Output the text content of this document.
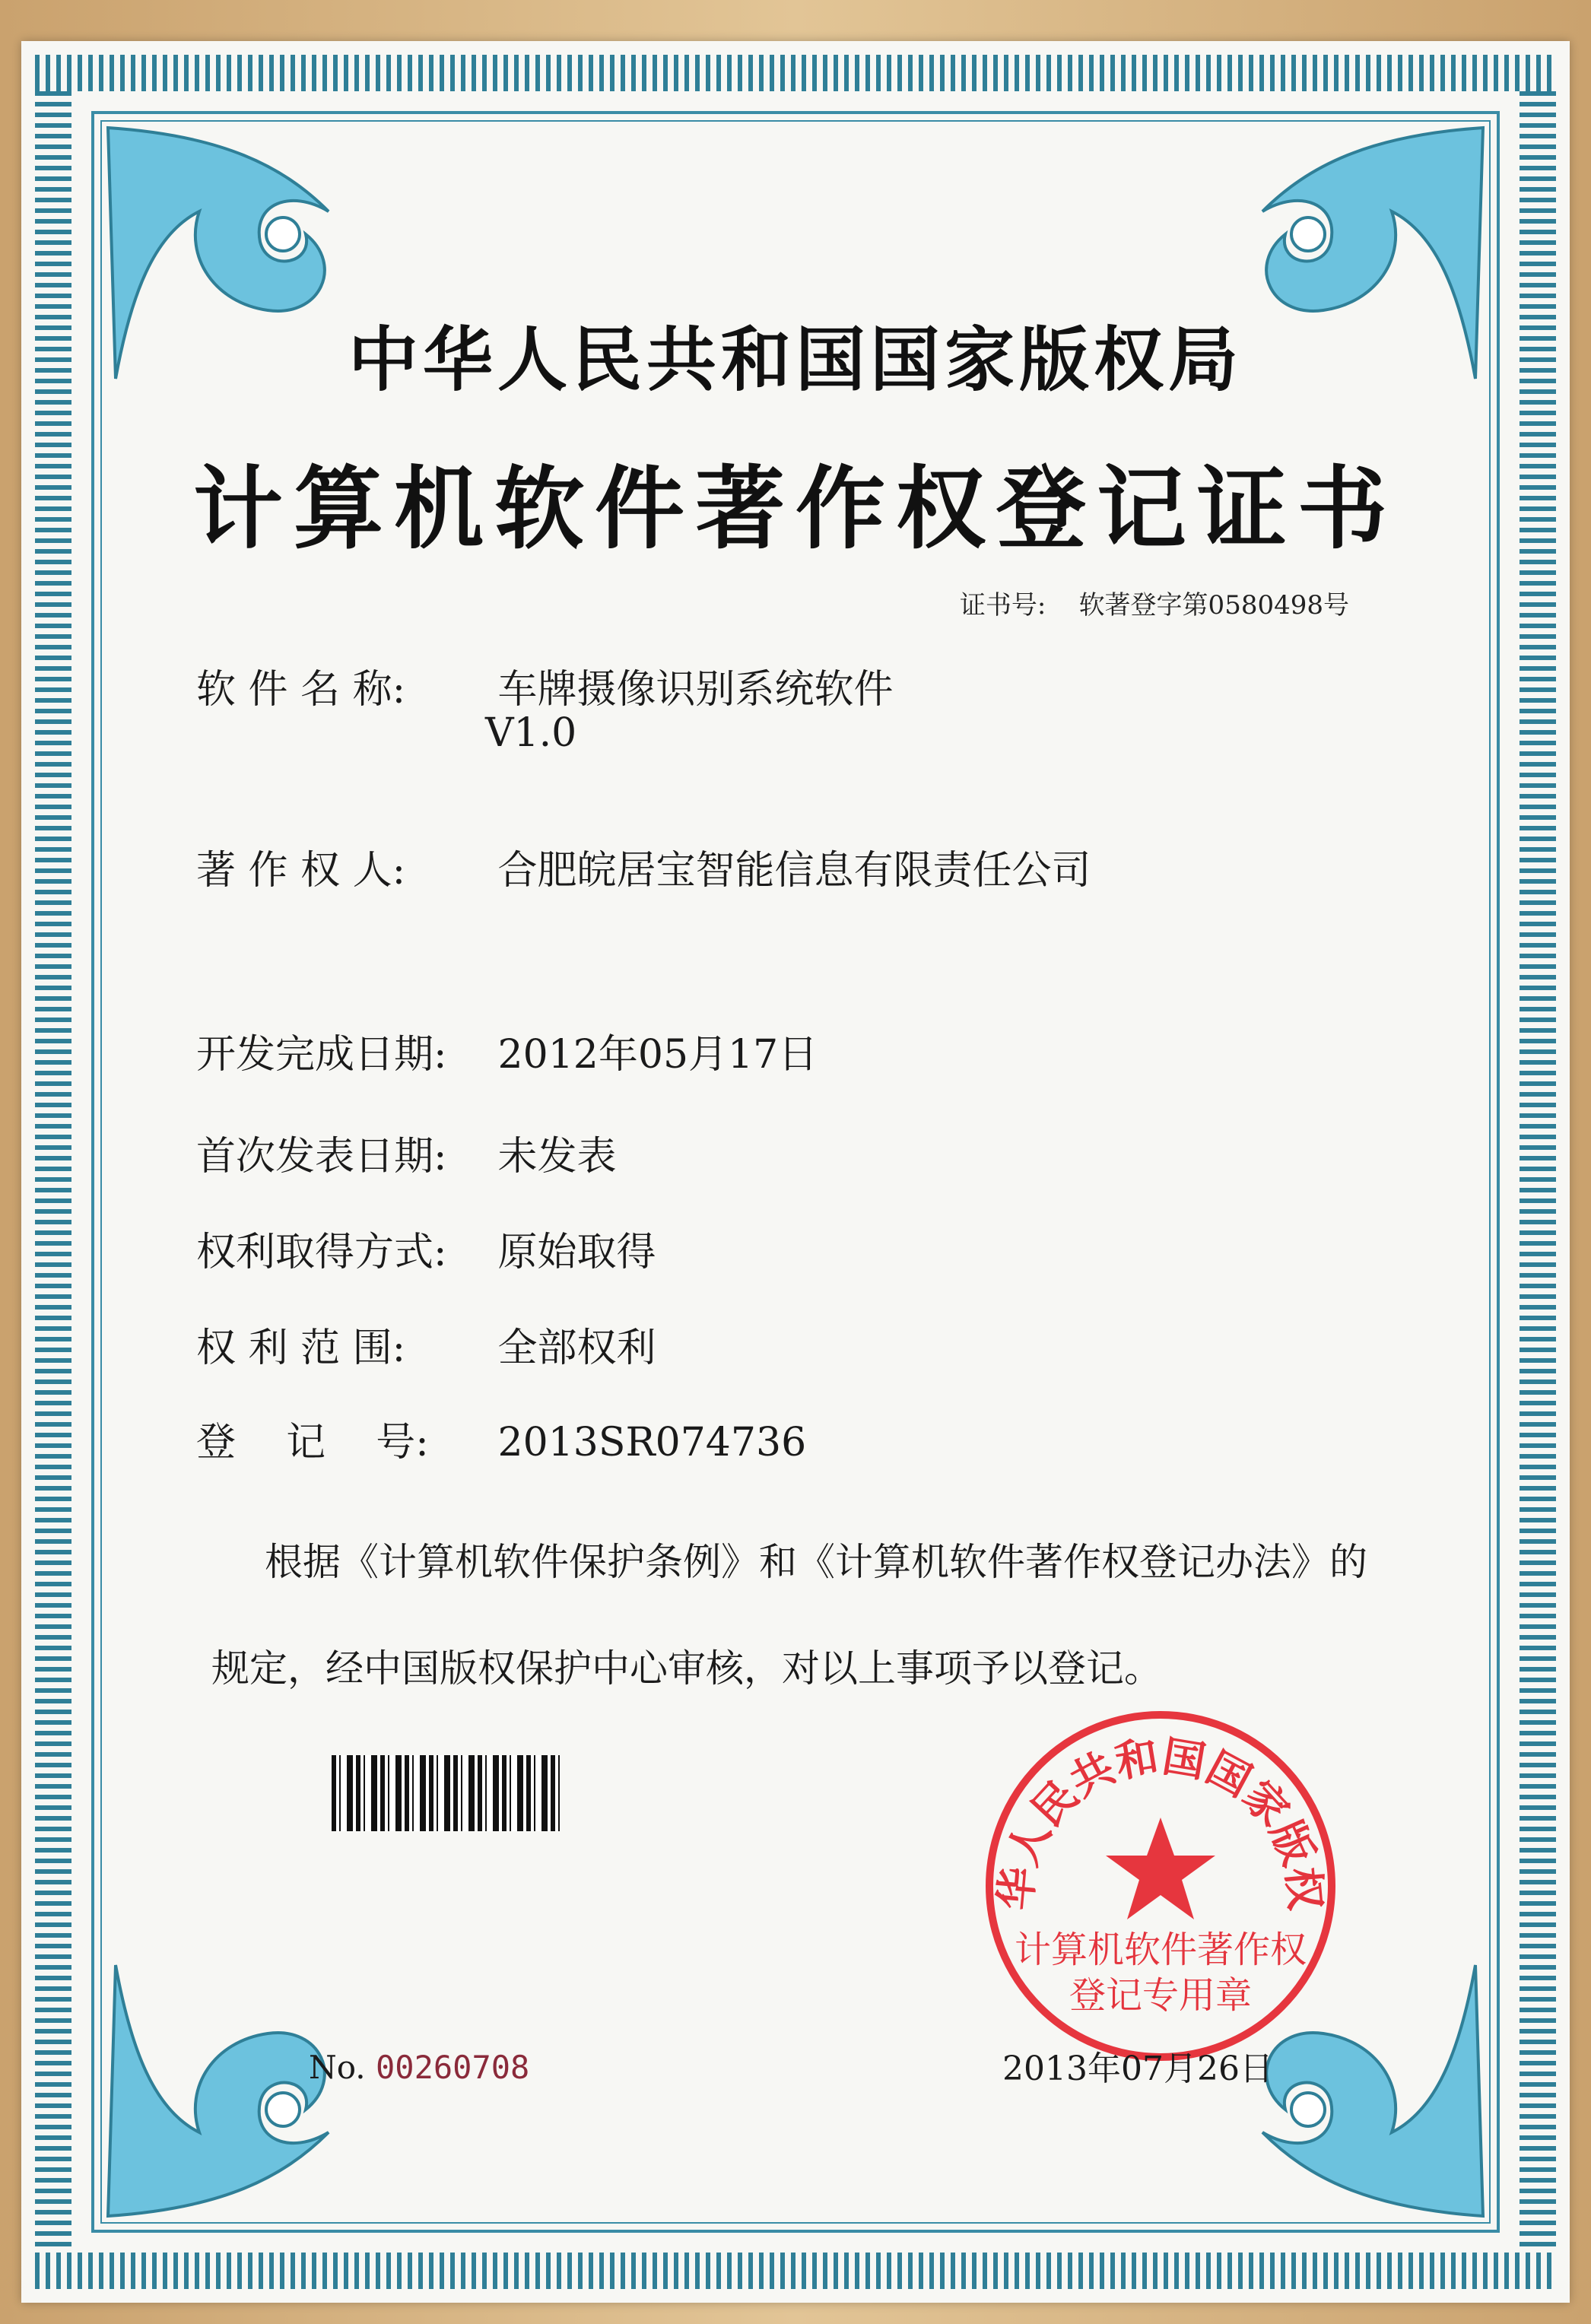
中华人民共和国国家版权局
计算机软件著作权登记证书
证书号: 软著登字第0580498号
软 件 名 称: 车牌摄像识别系统软件
V1.0
著 作 权 人: 合肥皖居宝智能信息有限责任公司
开发完成日期: 2012年05月17日
首次发表日期: 未发表
权利取得方式: 原始取得
权 利 范 围: 全部权利
登    记    号: 2013SR074736
根据《计算机软件保护条例》和《计算机软件著作权登记办法》的
规定，经中国版权保护中心审核，对以上事项予以登记。
华人民共和国国家版权
计算机软件著作权
登记专用章
No. 00260708	2013年07月26日
